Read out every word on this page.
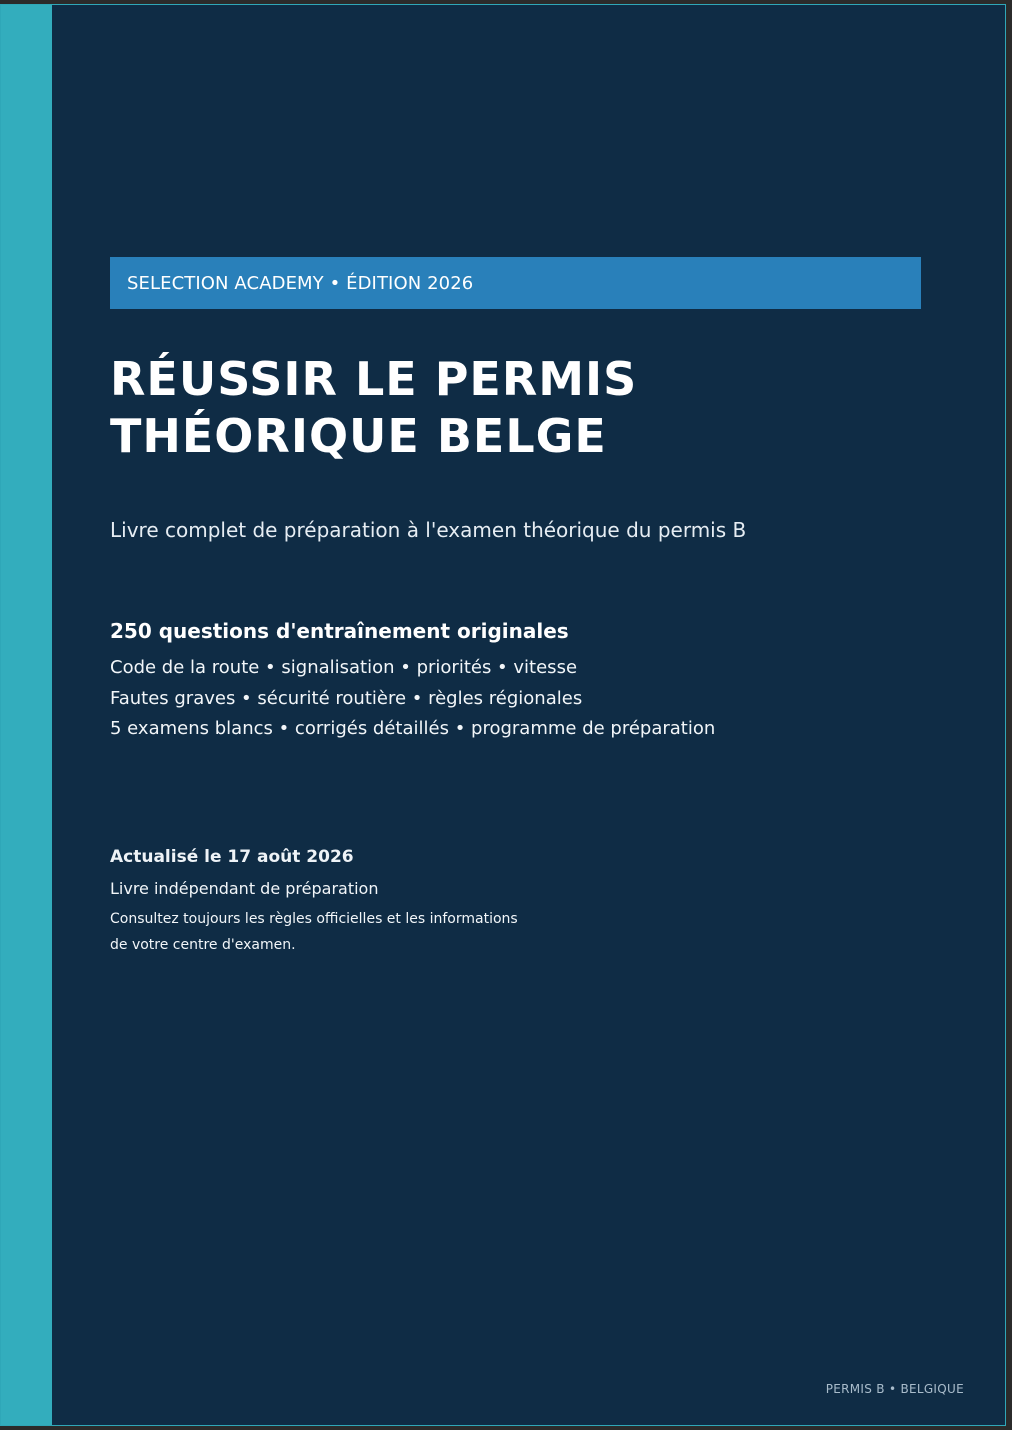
SELECTION ACADEMY • ÉDITION 2026
RÉUSSIR LE PERMIS
THÉORIQUE BELGE
Livre complet de préparation à l'examen théorique du permis B
250 questions d'entraînement originales
Code de la route • signalisation • priorités • vitesse
Fautes graves • sécurité routière • règles régionales
5 examens blancs • corrigés détaillés • programme de préparation
Actualisé le 17 août 2026
Livre indépendant de préparation
Consultez toujours les règles officielles et les informations
de votre centre d'examen.
PERMIS B • BELGIQUE
